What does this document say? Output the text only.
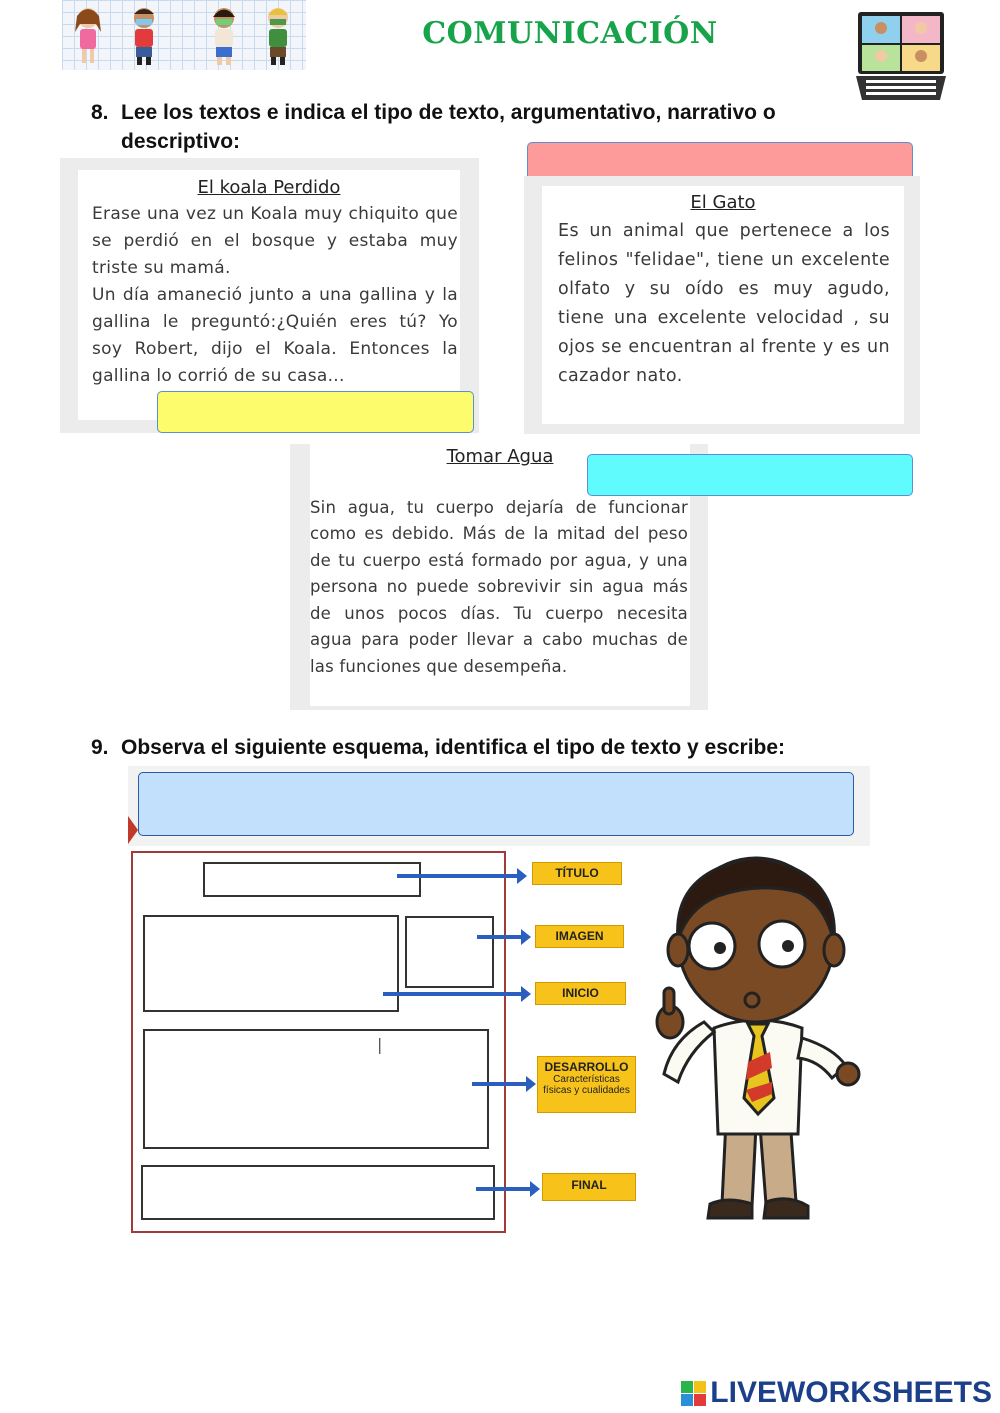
COMUNICACIÓN
8. Lee los textos e indica el tipo de texto, argumentativo, narrativo o
descriptivo:

El koala Perdido

Erase una vez un Koala muy chiquito que se perdió en el bosque y estaba muy triste su mamá.

Un día amaneció junto a una gallina y la gallina le preguntó:¿Quién eres tú? Yo soy Robert, dijo el Koala. Entonces la gallina lo corrió de su casa...

El Gato

Es un animal que pertenece a los felinos "felidae", tiene un excelente olfato y su oído es muy agudo, tiene una excelente velocidad , su ojos se encuentran al frente y es un cazador nato.

Tomar Agua

Sin agua, tu cuerpo dejaría de funcionar como es debido. Más de la mitad del peso de tu cuerpo está formado por agua, y una persona no puede sobrevivir sin agua más de unos pocos días. Tu cuerpo necesita agua para poder llevar a cabo muchas de las funciones que desempeña.

9. Observa el siguiente esquema, identifica el tipo de texto y escribe:
|
TÍTULO
IMAGEN
INICIO
DESARROLLO
Características físicas y cualidades
FINAL
LIVEWORKSHEETS
